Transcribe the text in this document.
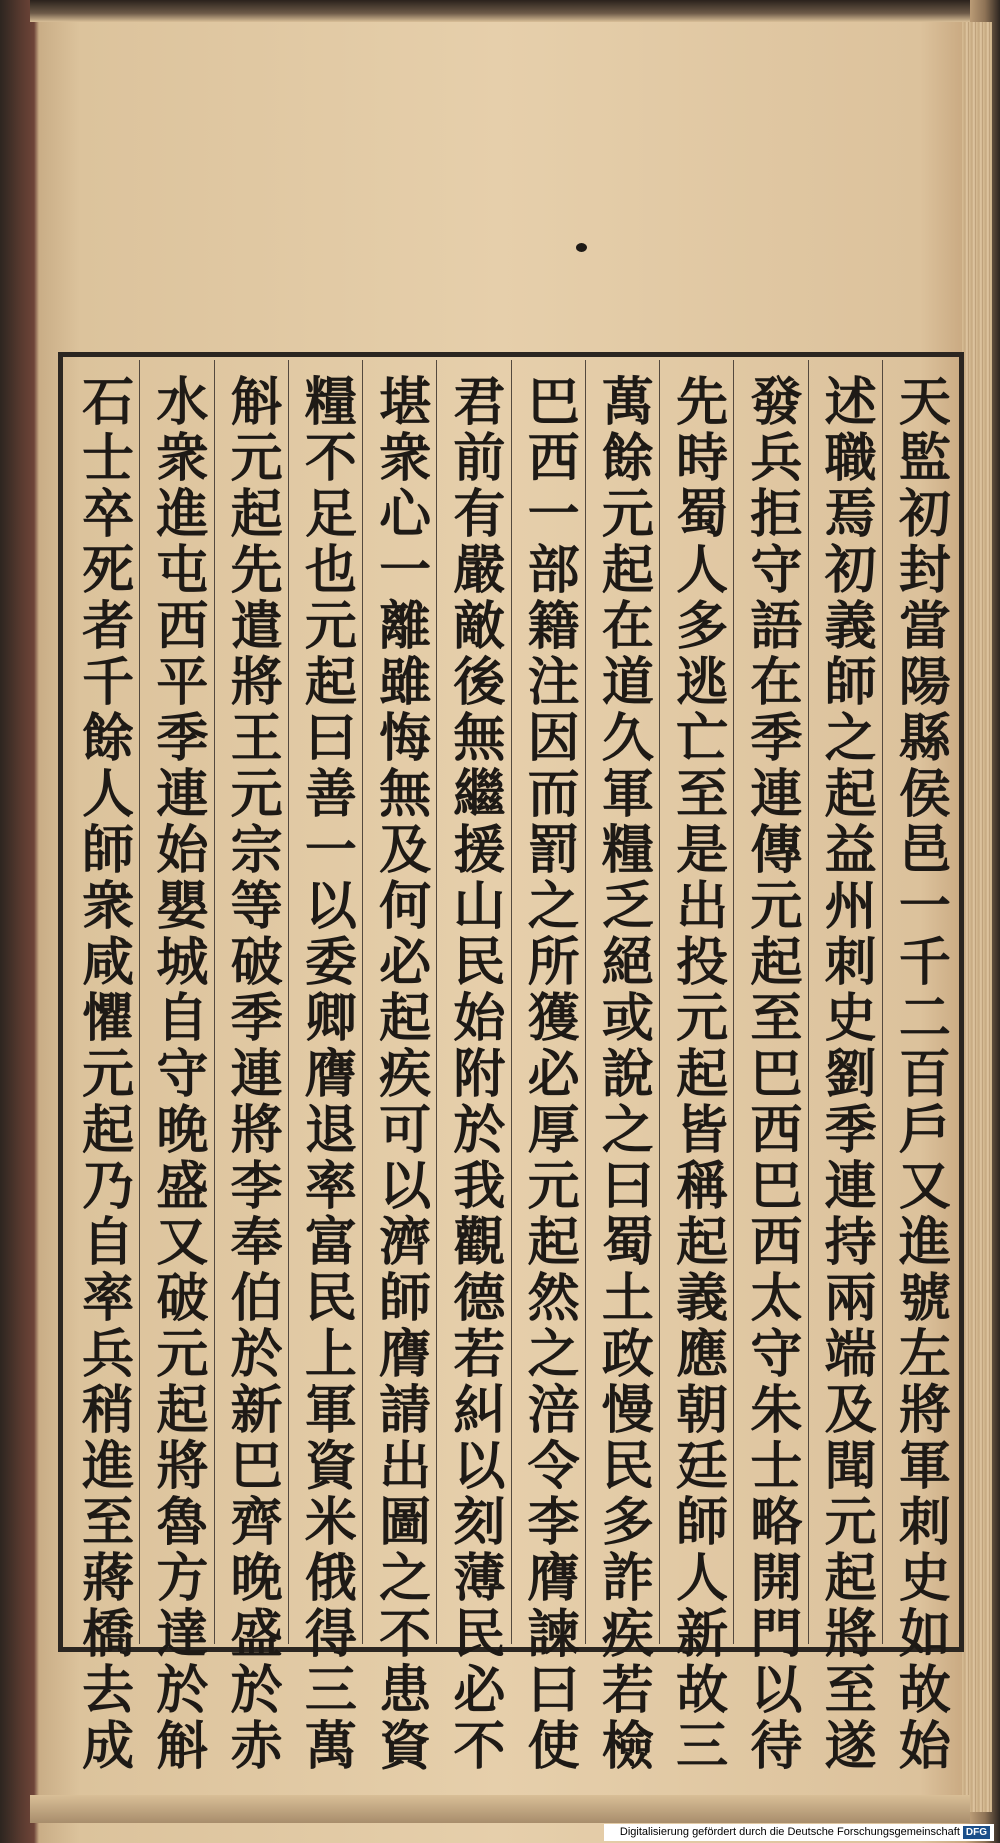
天監初封當陽縣侯邑一千二百戶又進號左將軍刺史如故始
述職焉初義師之起益州刺史劉季連持兩端及聞元起將至遂
發兵拒守語在季連傳元起至巴西巴西太守朱士略開門以待
先時蜀人多逃亡至是出投元起皆稱起義應朝廷師人新故三
萬餘元起在道久軍糧乏絕或說之曰蜀土政慢民多詐疾若檢
巴西一部籍注因而罰之所獲必厚元起然之涪令李膺諫曰使
君前有嚴敵後無繼援山民始附於我觀德若糾以刻薄民必不
堪衆心一離雖悔無及何必起疾可以濟師膺請出圖之不患資
糧不足也元起曰善一以委卿膺退率富民上軍資米俄得三萬
斛元起先遣將王元宗等破季連將李奉伯於新巴齊晚盛於赤
水衆進屯西平季連始嬰城自守晚盛又破元起將魯方達於斛
石士卒死者千餘人師衆咸懼元起乃自率兵稍進至蔣橋去成
Digitalisierung gefördert durch die Deutsche Forschungsgemeinschaft DFG
